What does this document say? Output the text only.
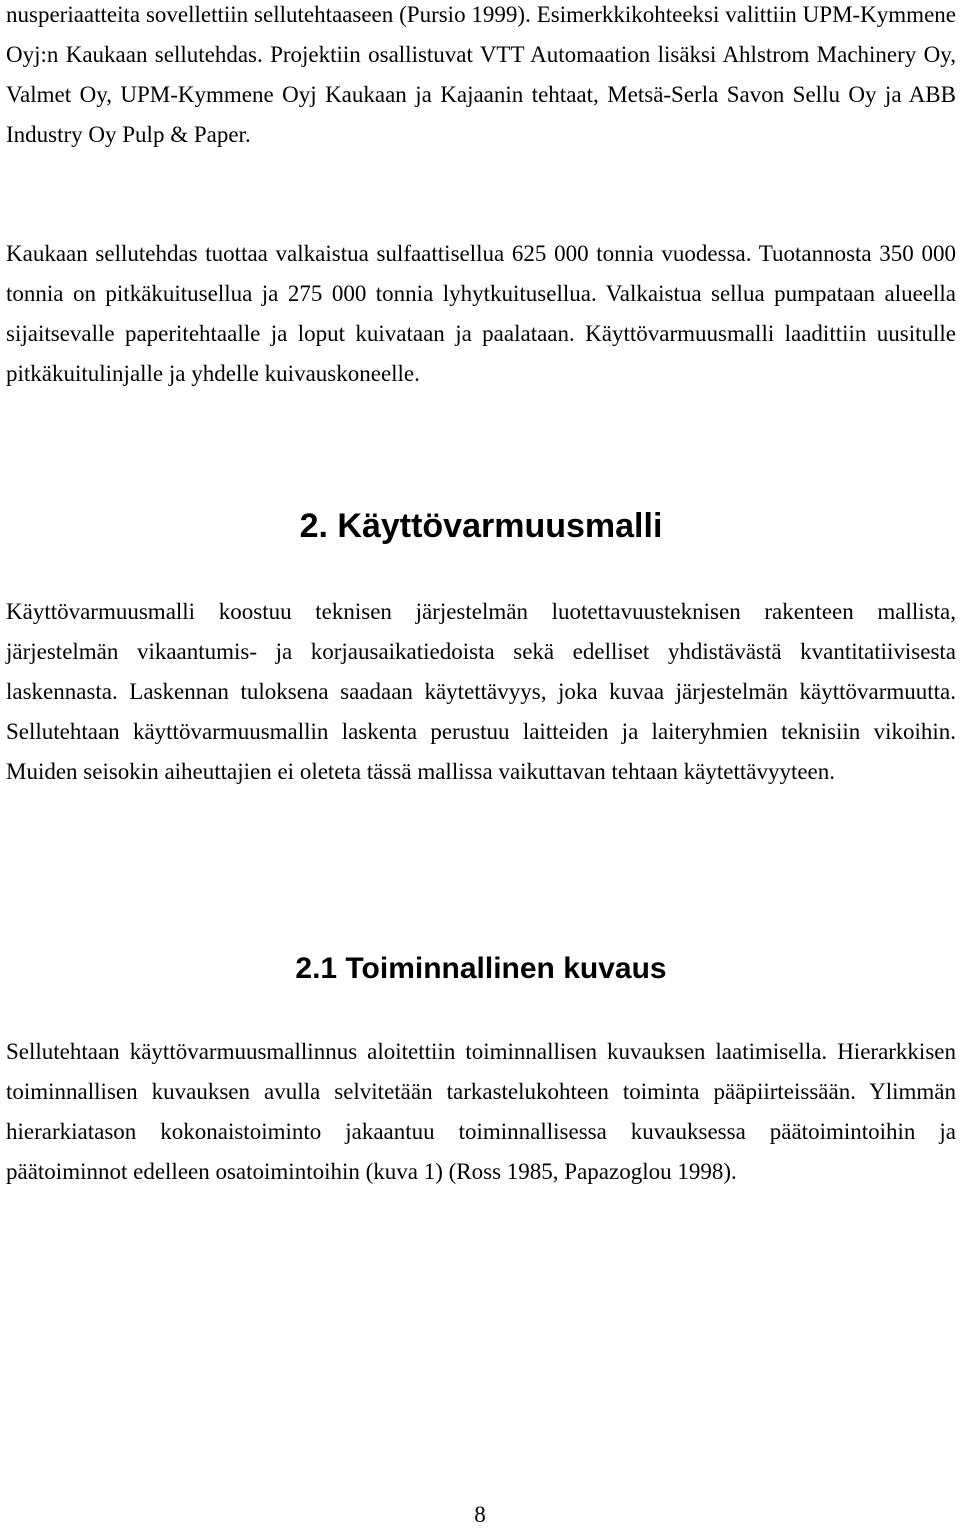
nusperiaatteita sovellettiin sellutehtaaseen (Pursio 1999). Esimerkkikohteeksi valittiin UPM-Kymmene Oyj:n Kaukaan sellutehdas. Projektiin osallistuvat VTT Automaation lisäksi Ahlstrom Machinery Oy, Valmet Oy, UPM-Kymmene Oyj Kaukaan ja Kajaanin tehtaat, Metsä-Serla Savon Sellu Oy ja ABB Industry Oy Pulp & Paper.

Kaukaan sellutehdas tuottaa valkaistua sulfaattisellua 625 000 tonnia vuodessa. Tuotannosta 350 000 tonnia on pitkäkuitusellua ja 275 000 tonnia lyhytkuitusellua. Valkaistua sellua pumpataan alueella sijaitsevalle paperitehtaalle ja loput kuivataan ja paalataan. Käyttövarmuusmalli laadittiin uusitulle pitkäkuitulinjalle ja yhdelle kuivauskoneelle.

2. Käyttövarmuusmalli

Käyttövarmuusmalli koostuu teknisen järjestelmän luotettavuusteknisen rakenteen mallista, järjestelmän vikaantumis- ja korjausaikatiedoista sekä edelliset yhdistävästä kvantitatiivisesta laskennasta. Laskennan tuloksena saadaan käytettävyys, joka kuvaa järjestelmän käyttövarmuutta. Sellutehtaan käyttövarmuusmallin laskenta perustuu laitteiden ja laiteryhmien teknisiin vikoihin. Muiden seisokin aiheuttajien ei oleteta tässä mallissa vaikuttavan tehtaan käytettävyyteen.

2.1 Toiminnallinen kuvaus

Sellutehtaan käyttövarmuusmallinnus aloitettiin toiminnallisen kuvauksen laatimisella. Hierarkkisen toiminnallisen kuvauksen avulla selvitetään tarkastelukohteen toiminta pääpiirteissään. Ylimmän hierarkiatason kokonaistoiminto jakaantuu toiminnallisessa kuvauksessa päätoimintoihin ja päätoiminnot edelleen osatoimintoihin (kuva 1) (Ross 1985, Papazoglou 1998).

8
